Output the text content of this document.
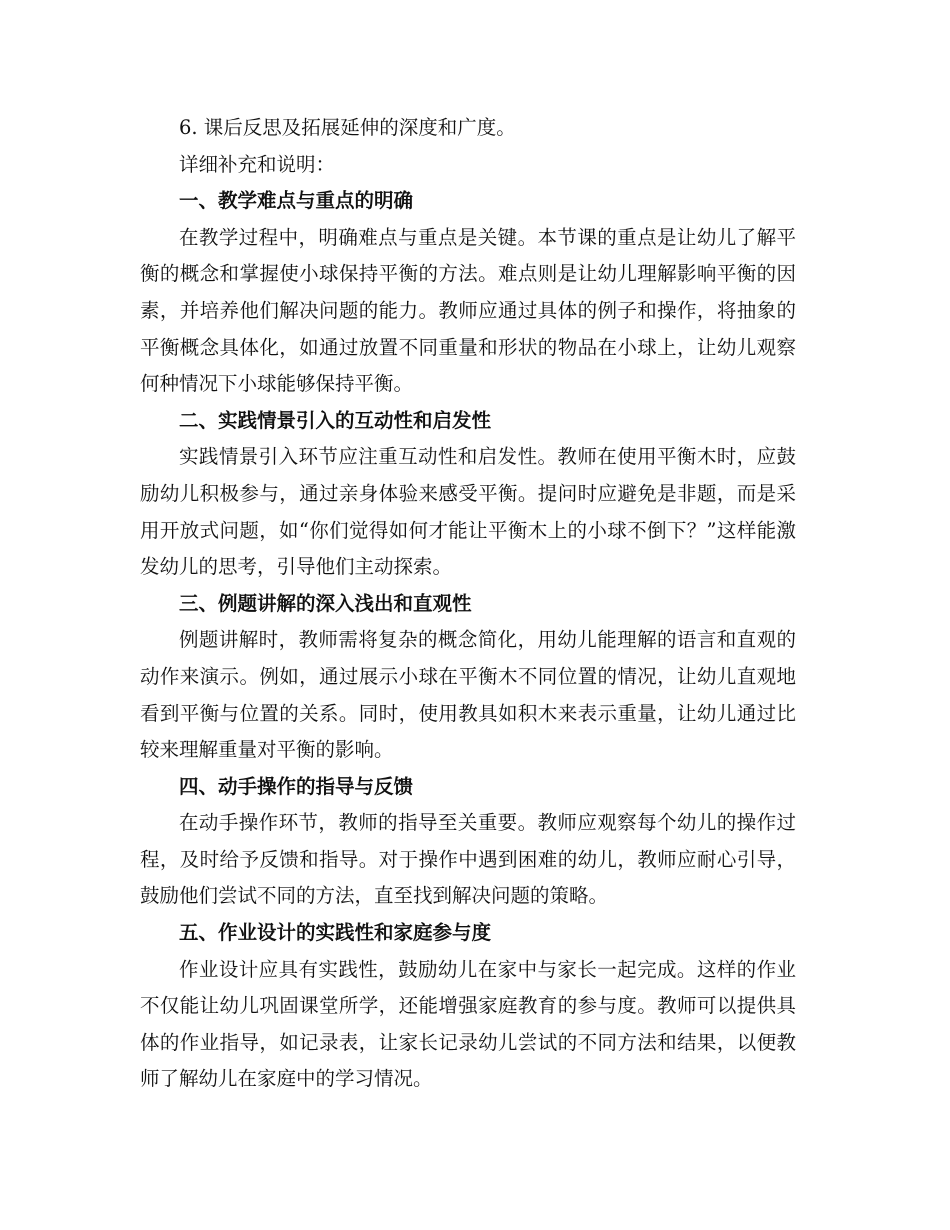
6. 课后反思及拓展延伸的深度和广度。

详细补充和说明：

一、教学难点与重点的明确

在教学过程中，明确难点与重点是关键。本节课的重点是让幼儿了解平衡的概念和掌握使小球保持平衡的方法。难点则是让幼儿理解影响平衡的因素，并培养他们解决问题的能力。教师应通过具体的例子和操作，将抽象的平衡概念具体化，如通过放置不同重量和形状的物品在小球上，让幼儿观察何种情况下小球能够保持平衡。

二、实践情景引入的互动性和启发性

实践情景引入环节应注重互动性和启发性。教师在使用平衡木时，应鼓励幼儿积极参与，通过亲身体验来感受平衡。提问时应避免是非题，而是采用开放式问题，如“你们觉得如何才能让平衡木上的小球不倒下？”这样能激发幼儿的思考，引导他们主动探索。

三、例题讲解的深入浅出和直观性

例题讲解时，教师需将复杂的概念简化，用幼儿能理解的语言和直观的动作来演示。例如，通过展示小球在平衡木不同位置的情况，让幼儿直观地看到平衡与位置的关系。同时，使用教具如积木来表示重量，让幼儿通过比较来理解重量对平衡的影响。

四、动手操作的指导与反馈

在动手操作环节，教师的指导至关重要。教师应观察每个幼儿的操作过程，及时给予反馈和指导。对于操作中遇到困难的幼儿，教师应耐心引导，鼓励他们尝试不同的方法，直至找到解决问题的策略。

五、作业设计的实践性和家庭参与度

作业设计应具有实践性，鼓励幼儿在家中与家长一起完成。这样的作业不仅能让幼儿巩固课堂所学，还能增强家庭教育的参与度。教师可以提供具体的作业指导，如记录表，让家长记录幼儿尝试的不同方法和结果，以便教师了解幼儿在家庭中的学习情况。
